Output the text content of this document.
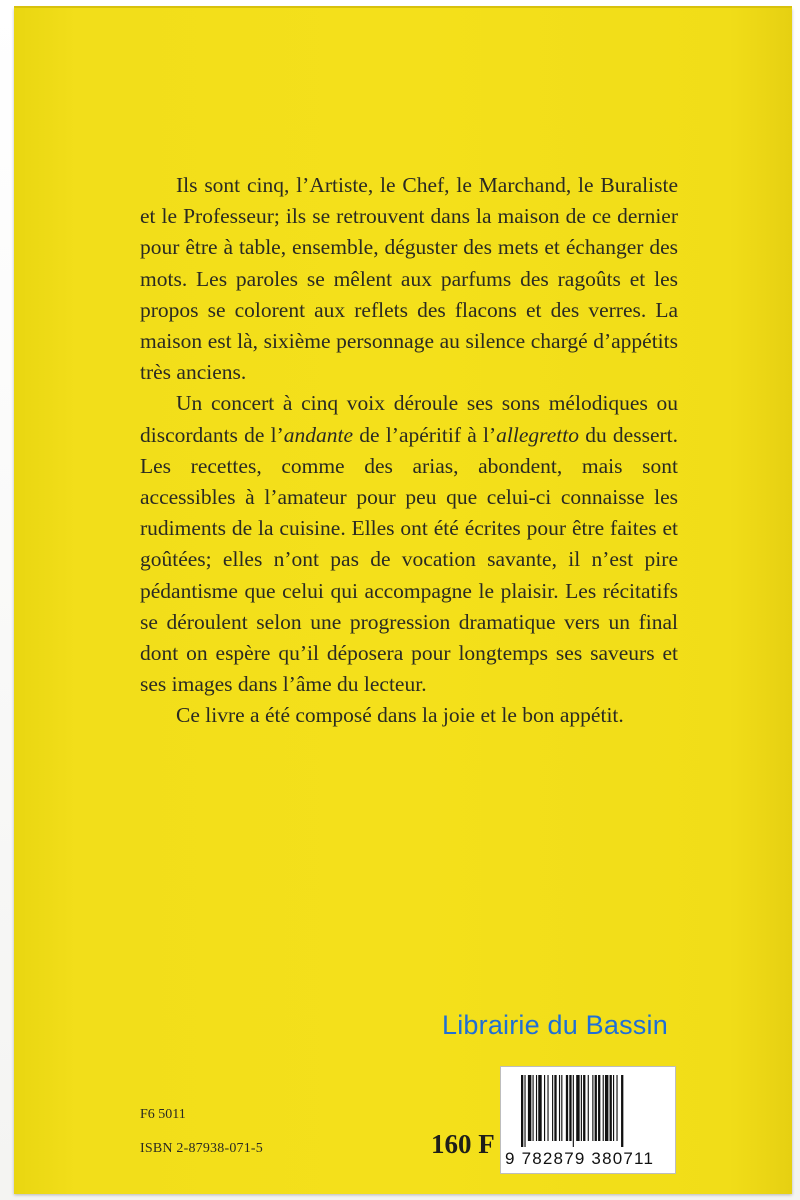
Ils sont cinq, l’Artiste, le Chef, le Marchand, le Buraliste et le Professeur; ils se retrouvent dans la maison de ce dernier pour être à table, ensemble, déguster des mets et échanger des mots. Les paroles se mêlent aux parfums des ragoûts et les propos se colorent aux reflets des flacons et des verres. La maison est là, sixième personnage au silence chargé d’appétits très anciens.

Un concert à cinq voix déroule ses sons mélodiques ou discordants de l’andante de l’apéritif à l’allegretto du dessert. Les recettes, comme des arias, abondent, mais sont accessibles à l’amateur pour peu que celui-ci connaisse les rudiments de la cuisine. Elles ont été écrites pour être faites et goûtées; elles n’ont pas de vocation savante, il n’est pire pédantisme que celui qui accompagne le plaisir. Les récitatifs se déroulent selon une progression dramatique vers un final dont on espère qu’il déposera pour longtemps ses saveurs et ses images dans l’âme du lecteur.

Ce livre a été composé dans la joie et le bon appétit.

Librairie du Bassin
F6 5011
ISBN 2-87938-071-5	160 F 9 782879 380711
